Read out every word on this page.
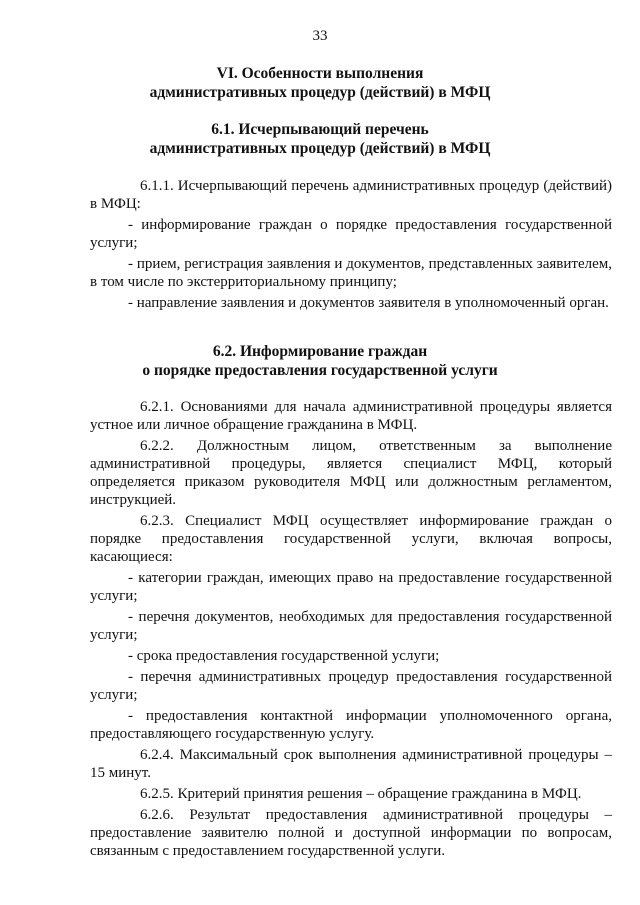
33
VI. Особенности выполнения
административных процедур (действий) в МФЦ
6.1. Исчерпывающий перечень
административных процедур (действий) в МФЦ

6.1.1. Исчерпывающий перечень административных процедур (действий) в МФЦ:

- информирование граждан о порядке предоставления государственной услуги;

- прием, регистрация заявления и документов, представленных заявителем, в том числе по экстерриториальному принципу;

- направление заявления и документов заявителя в уполномоченный орган.

6.2. Информирование граждан
о порядке предоставления государственной услуги

6.2.1. Основаниями для начала административной процедуры является устное или личное обращение гражданина в МФЦ.

6.2.2. Должностным лицом, ответственным за выполнение административной процедуры, является специалист МФЦ, который определяется приказом руководителя МФЦ или должностным регламентом, инструкцией.

6.2.3. Специалист МФЦ осуществляет информирование граждан о порядке предоставления государственной услуги, включая вопросы, касающиеся:

- категории граждан, имеющих право на предоставление государственной услуги;

- перечня документов, необходимых для предоставления государственной услуги;

- срока предоставления государственной услуги;

- перечня административных процедур предоставления государственной услуги;

- предоставления контактной информации уполномоченного органа, предоставляющего государственную услугу.

6.2.4. Максимальный срок выполнения административной процедуры – 15 минут.

6.2.5. Критерий принятия решения – обращение гражданина в МФЦ.

6.2.6. Результат предоставления административной процедуры – предоставление заявителю полной и доступной информации по вопросам, связанным с предоставлением государственной услуги.
